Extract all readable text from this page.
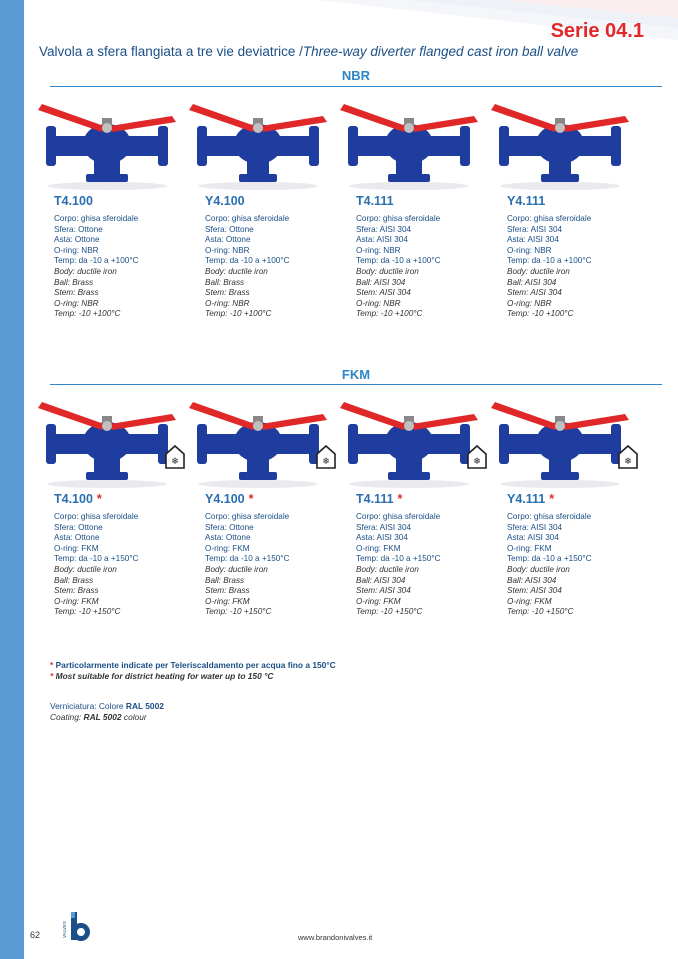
Serie 04.1
Valvola a sfera flangiata a tre vie deviatrice /Three-way diverter flanged cast iron ball valve
NBR
FKM
T4.100
Corpo: ghisa sferoidale
Sfera: Ottone
Asta: Ottone
O-ring: NBR
Temp: da -10 a +100°C
Body: ductile iron
Ball: Brass
Stem: Brass
O-ring: NBR
Temp: -10 +100°C
Y4.100
Corpo: ghisa sferoidale
Sfera: Ottone
Asta: Ottone
O-ring: NBR
Temp: da -10 a +100°C
Body: ductile iron
Ball: Brass
Stem: Brass
O-ring: NBR
Temp: -10 +100°C
T4.111
Corpo: ghisa sferoidale
Sfera: AISI 304
Asta: AISI 304
O-ring: NBR
Temp: da -10 a +100°C
Body: ductile iron
Ball: AISI 304
Stem: AISI 304
O-ring: NBR
Temp: -10 +100°C
Y4.111
Corpo: ghisa sferoidale
Sfera: AISI 304
Asta: AISI 304
O-ring: NBR
Temp: da -10 a +100°C
Body: ductile iron
Ball: AISI 304
Stem: AISI 304
O-ring: NBR
Temp: -10 +100°C
T4.100 *
Corpo: ghisa sferoidale
Sfera: Ottone
Asta: Ottone
O-ring: FKM
Temp: da -10 a +150°C
Body: ductile iron
Ball: Brass
Stem: Brass
O-ring: FKM
Temp: -10 +150°C
Y4.100 *
Corpo: ghisa sferoidale
Sfera: Ottone
Asta: Ottone
O-ring: FKM
Temp: da -10 a +150°C
Body: ductile iron
Ball: Brass
Stem: Brass
O-ring: FKM
Temp: -10 +150°C
T4.111 *
Corpo: ghisa sferoidale
Sfera: AISI 304
Asta: AISI 304
O-ring: FKM
Temp: da -10 a +150°C
Body: ductile iron
Ball: AISI 304
Stem: AISI 304
O-ring: FKM
Temp: -10 +150°C
Y4.111 *
Corpo: ghisa sferoidale
Sfera: AISI 304
Asta: AISI 304
O-ring: FKM
Temp: da -10 a +150°C
Body: ductile iron
Ball: AISI 304
Stem: AISI 304
O-ring: FKM
Temp: -10 +150°C
* Particolarmente indicate per Teleriscaldamento per acqua fino a 150°C
* Most suitable for district heating for water up to 150 °C
Verniciatura: Colore RAL 5002
Coating: RAL 5002 colour
62	VALVES	www.brandonivalves.it
❄	❄	❄	❄
